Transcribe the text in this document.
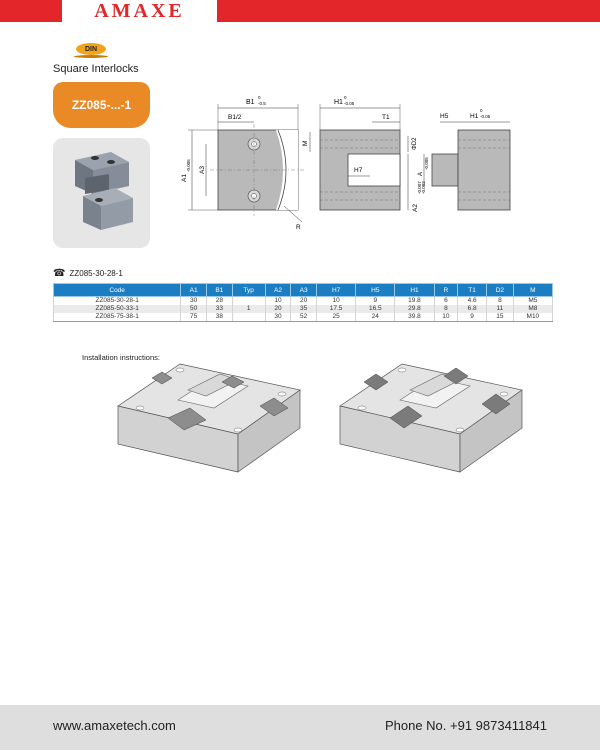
AMAXE
DIN
Square Interlocks
ZZ085-...-1	B1
0
-0.5
B1/2
A1
-0.005 A3
R
H1
0
-0.05
T1
M	ΦD2
H7
A2
-0.007 -0.002
H5	H1
0
-0.05
A
-0.005
☎ ZZ085-30-28-1
Code	A1	B1	Typ	A2	A3	H7	H5	H1	R	T1	D2	M
ZZ085-30-28-1	30	28		10	20	10	9	19.8	6	4.6	8	M5
ZZ085-50-33-1	50	33	1	20	35	17.5	16.5	29.8	8	6.8	11	M8
ZZ085-75-38-1	75	38		30	52	25	24	39.8	10	9	15	M10
Installation instructions:
www.amaxetech.com	Phone No. +91 9873411841
